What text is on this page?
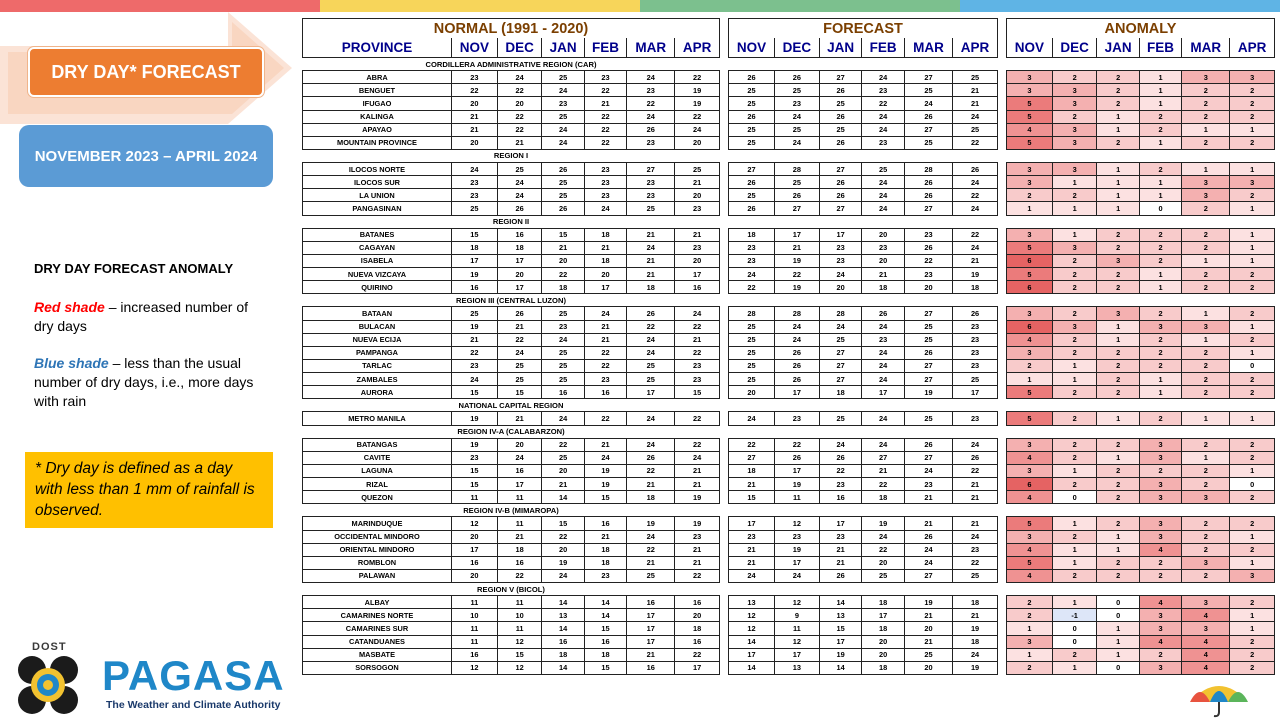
DRY DAY* FORECAST
NOVEMBER 2023 – APRIL 2024
DRY DAY FORECAST ANOMALY

Red shade – increased number of dry days

Blue shade – less than the usual number of dry days, i.e., more days with rain

* Dry day is defined as a day with less than 1 mm of rainfall is observed.
DOST
PAGASA
The Weather and Climate Authority
NORMAL (1991 - 2020)						
PROVINCE	NOV	DEC	JAN	FEB	MAR	APR
CORDILLERA ADMINISTRATIVE REGION (CAR)						
ABRA	23	24	25	23	24	22
BENGUET	22	22	24	22	23	19
IFUGAO	20	20	23	21	22	19
KALINGA	21	22	25	22	24	22
APAYAO	21	22	24	22	26	24
MOUNTAIN PROVINCE	20	21	24	22	23	20
REGION I						
ILOCOS NORTE	24	25	26	23	27	25
ILOCOS SUR	23	24	25	23	23	21
LA UNION	23	24	25	23	23	20
PANGASINAN	25	26	26	24	25	23
REGION II						
BATANES	15	16	15	18	21	21
CAGAYAN	18	18	21	21	24	23
ISABELA	17	17	20	18	21	20
NUEVA VIZCAYA	19	20	22	20	21	17
QUIRINO	16	17	18	17	18	16
REGION III (CENTRAL LUZON)						
BATAAN	25	26	25	24	26	24
BULACAN	19	21	23	21	22	22
NUEVA ECIJA	21	22	24	21	24	21
PAMPANGA	22	24	25	22	24	22
TARLAC	23	25	25	22	25	23
ZAMBALES	24	25	25	23	25	23
AURORA	15	15	16	16	17	15
NATIONAL CAPITAL REGION						
METRO MANILA	19	21	24	22	24	22
REGION IV-A (CALABARZON)						
BATANGAS	19	20	22	21	24	22
CAVITE	23	24	25	24	26	24
LAGUNA	15	16	20	19	22	21
RIZAL	15	17	21	19	21	21
QUEZON	11	11	14	15	18	19
REGION IV-B (MIMAROPA)						
MARINDUQUE	12	11	15	16	19	19
OCCIDENTAL MINDORO	20	21	22	21	24	23
ORIENTAL MINDORO	17	18	20	18	22	21
ROMBLON	16	16	19	18	21	21
PALAWAN	20	22	24	23	25	22
REGION V (BICOL)						
ALBAY	11	11	14	14	16	16
CAMARINES NORTE	10	10	13	14	17	20
CAMARINES SUR	11	11	14	15	17	18
CATANDUANES	11	12	16	16	17	16
MASBATE	16	15	18	18	21	22
SORSOGON	12	12	14	15	16	17
FORECAST					
NOV	DEC	JAN	FEB	MAR	APR

26	26	27	24	27	25
25	25	26	23	25	21
25	23	25	22	24	21
26	24	26	24	26	24
25	25	25	24	27	25
25	24	26	23	25	22

27	28	27	25	28	26
26	25	26	24	26	24
25	26	26	24	26	22
26	27	27	24	27	24

18	17	17	20	23	22
23	21	23	23	26	24
23	19	23	20	22	21
24	22	24	21	23	19
22	19	20	18	20	18

28	28	28	26	27	26
25	24	24	24	25	23
25	24	25	23	25	23
25	26	27	24	26	23
25	26	27	24	27	23
25	26	27	24	27	25
20	17	18	17	19	17

24	23	25	24	25	23

22	22	24	24	26	24
27	26	26	27	27	26
18	17	22	21	24	22
21	19	23	22	23	21
15	11	16	18	21	21

17	12	17	19	21	21
23	23	23	24	26	24
21	19	21	22	24	23
21	17	21	20	24	22
24	24	26	25	27	25

13	12	14	18	19	18
12	9	13	17	21	21
12	11	15	18	20	19
14	12	17	20	21	18
17	17	19	20	25	24
14	13	14	18	20	19
ANOMALY					
NOV	DEC	JAN	FEB	MAR	APR

3	2	2	1	3	3
3	3	2	1	2	2
5	3	2	1	2	2
5	2	1	2	2	2
4	3	1	2	1	1
5	3	2	1	2	2

3	3	1	2	1	1
3	1	1	1	3	3
2	2	1	1	3	2
1	1	1	0	2	1

3	1	2	2	2	1
5	3	2	2	2	1
6	2	3	2	1	1
5	2	2	1	2	2
6	2	2	1	2	2

3	2	3	2	1	2
6	3	1	3	3	1
4	2	1	2	1	2
3	2	2	2	2	1
2	1	2	2	2	0
1	1	2	1	2	2
5	2	2	1	2	2

5	2	1	2	1	1

3	2	2	3	2	2
4	2	1	3	1	2
3	1	2	2	2	1
6	2	2	3	2	0
4	0	2	3	3	2

5	1	2	3	2	2
3	2	1	3	2	1
4	1	1	4	2	2
5	1	2	2	3	1
4	2	2	2	2	3

2	1	0	4	3	2
2	-1	0	3	4	1
1	0	1	3	3	1
3	0	1	4	4	2
1	2	1	2	4	2
2	1	0	3	4	2
